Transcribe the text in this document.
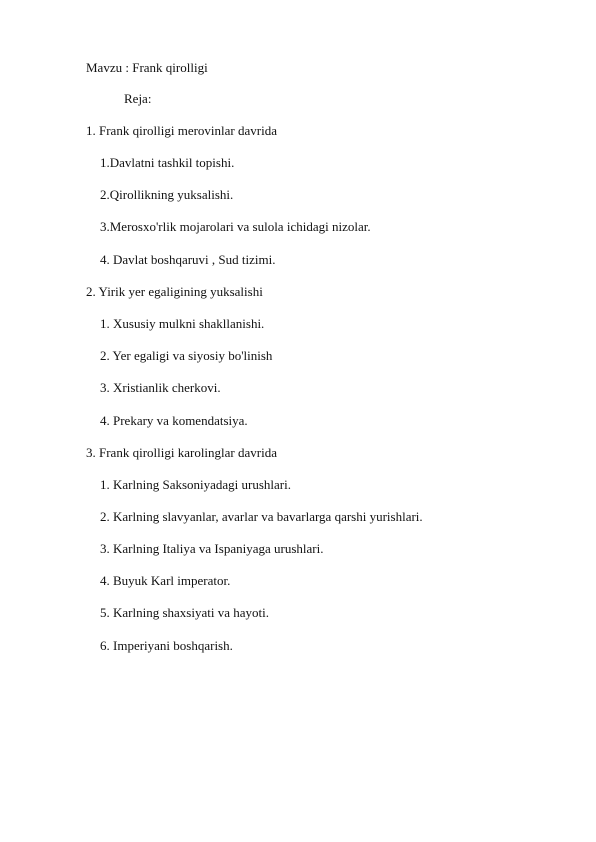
Mavzu : Frank qirolligi
Reja:
1. Frank qirolligi merovinlar davrida
1.Davlatni tashkil topishi.
2.Qirollikning yuksalishi.
3.Merosxo'rlik mojarolari va sulola ichidagi nizolar.
4. Davlat boshqaruvi , Sud tizimi.
2. Yirik yer egaligining yuksalishi
1. Xususiy mulkni shakllanishi.
2. Yer egaligi va siyosiy bo'linish
3. Xristianlik cherkovi.
4. Prekary va komendatsiya.
3. Frank qirolligi karolinglar davrida
1. Karlning Saksoniyadagi urushlari.
2. Karlning slavyanlar, avarlar va bavarlarga qarshi yurishlari.
3. Karlning Italiya va Ispaniyaga urushlari.
4. Buyuk Karl imperator.
5. Karlning shaxsiyati va hayoti.
6. Imperiyani boshqarish.
